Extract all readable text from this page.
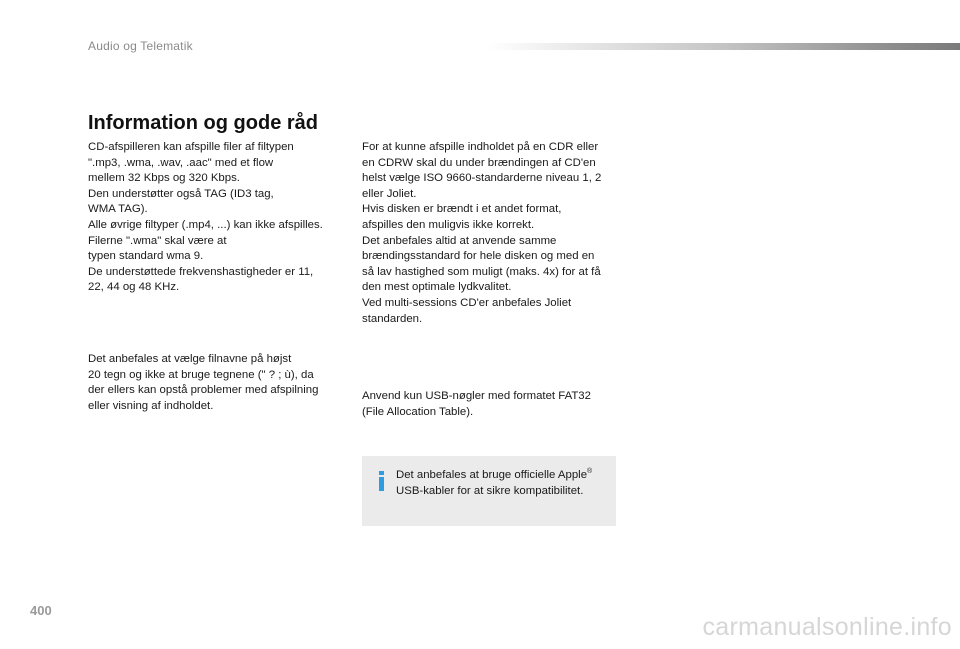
Audio og Telematik
Information og gode råd

CD-afspilleren kan afspille filer af filtypen
".mp3, .wma, .wav, .aac" med et flow
mellem 32 Kbps og 320 Kbps.
Den understøtter også TAG (ID3 tag,
WMA TAG).
Alle øvrige filtyper (.mp4, ...) kan ikke afspilles.
Filerne ".wma" skal være at
typen standard wma 9.
De understøttede frekvenshastigheder er 11,
22, 44 og 48 KHz.

Det anbefales at vælge filnavne på højst
20 tegn og ikke at bruge tegnene (" ? ; ù), da
der ellers kan opstå problemer med afspilning
eller visning af indholdet.

For at kunne afspille indholdet på en CDR eller
en CDRW skal du under brændingen af CD'en
helst vælge ISO 9660-standarderne niveau 1, 2
eller Joliet.
Hvis disken er brændt i et andet format,
afspilles den muligvis ikke korrekt.
Det anbefales altid at anvende samme
brændingsstandard for hele disken og med en
så lav hastighed som muligt (maks. 4x) for at få
den mest optimale lydkvalitet.
Ved multi-sessions CD'er anbefales Joliet
standarden.

Anvend kun USB-nøgler med formatet FAT32
(File Allocation Table).

Det anbefales at bruge officielle Apple®
USB-kabler for at sikre kompatibilitet.
400
carmanualsonline.info
